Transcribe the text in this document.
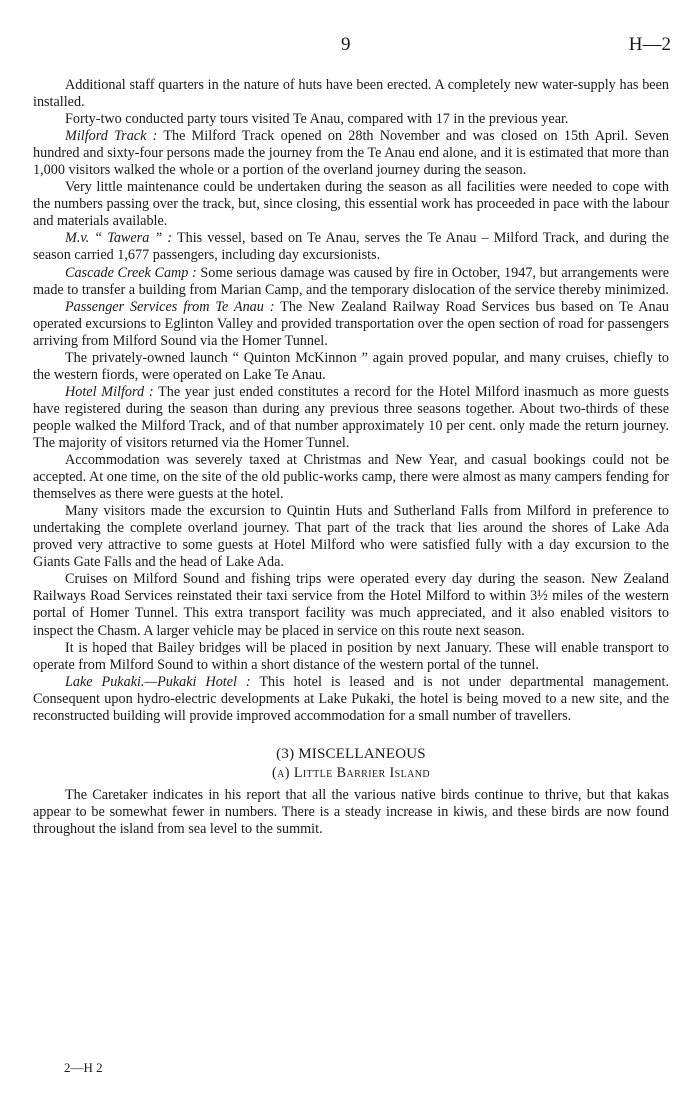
9	H—2

Additional staff quarters in the nature of huts have been erected. A completely new water-supply has been installed.

Forty-two conducted party tours visited Te Anau, compared with 17 in the previous year.

Milford Track : The Milford Track opened on 28th November and was closed on 15th April. Seven hundred and sixty-four persons made the journey from the Te Anau end alone, and it is estimated that more than 1,000 visitors walked the whole or a portion of the overland journey during the season.

Very little maintenance could be undertaken during the season as all facilities were needed to cope with the numbers passing over the track, but, since closing, this essential work has proceeded in pace with the labour and materials available.

M.v. “ Tawera ” : This vessel, based on Te Anau, serves the Te Anau – Milford Track, and during the season carried 1,677 passengers, including day excursionists.

Cascade Creek Camp : Some serious damage was caused by fire in October, 1947, but arrangements were made to transfer a building from Marian Camp, and the temporary dislocation of the service thereby minimized.

Passenger Services from Te Anau : The New Zealand Railway Road Services bus based on Te Anau operated excursions to Eglinton Valley and provided transportation over the open section of road for passengers arriving from Milford Sound via the Homer Tunnel.

The privately-owned launch “ Quinton McKinnon ” again proved popular, and many cruises, chiefly to the western fiords, were operated on Lake Te Anau.

Hotel Milford : The year just ended constitutes a record for the Hotel Milford inasmuch as more guests have registered during the season than during any previous three seasons together. About two-thirds of these people walked the Milford Track, and of that number approximately 10 per cent. only made the return journey. The majority of visitors returned via the Homer Tunnel.

Accommodation was severely taxed at Christmas and New Year, and casual bookings could not be accepted. At one time, on the site of the old public-works camp, there were almost as many campers fending for themselves as there were guests at the hotel.

Many visitors made the excursion to Quintin Huts and Sutherland Falls from Milford in preference to undertaking the complete overland journey. That part of the track that lies around the shores of Lake Ada proved very attractive to some guests at Hotel Milford who were satisfied fully with a day excursion to the Giants Gate Falls and the head of Lake Ada.

Cruises on Milford Sound and fishing trips were operated every day during the season. New Zealand Railways Road Services reinstated their taxi service from the Hotel Milford to within 3½ miles of the western portal of Homer Tunnel. This extra transport facility was much appreciated, and it also enabled visitors to inspect the Chasm. A larger vehicle may be placed in service on this route next season.

It is hoped that Bailey bridges will be placed in position by next January. These will enable transport to operate from Milford Sound to within a short distance of the western portal of the tunnel.

Lake Pukaki.—Pukaki Hotel : This hotel is leased and is not under departmental management. Consequent upon hydro-electric developments at Lake Pukaki, the hotel is being moved to a new site, and the reconstructed building will provide improved accommodation for a small number of travellers.

(3) MISCELLANEOUS

(a) Little Barrier Island

The Caretaker indicates in his report that all the various native birds continue to thrive, but that kakas appear to be somewhat fewer in numbers. There is a steady increase in kiwis, and these birds are now found throughout the island from sea level to the summit.

2—H 2
